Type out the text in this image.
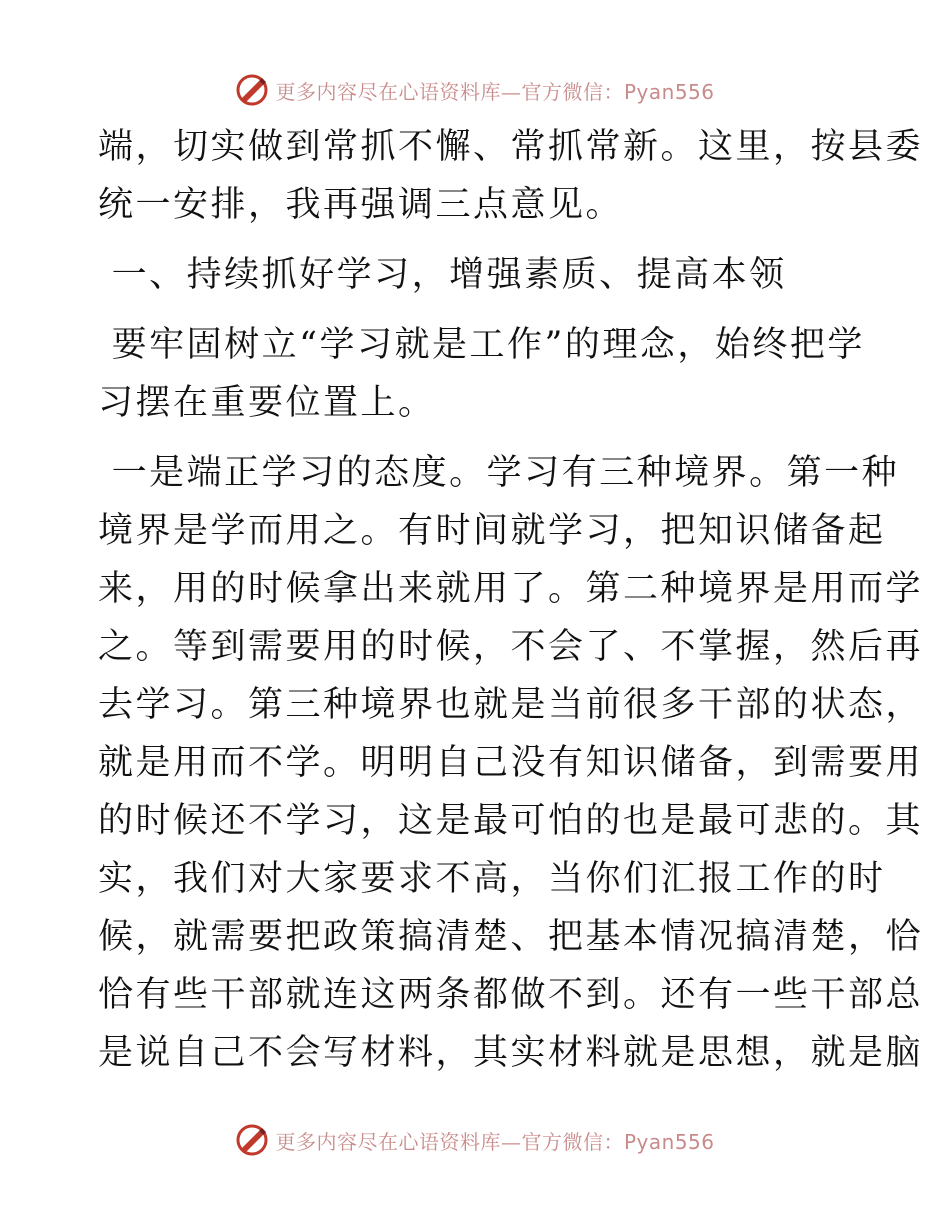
更多内容尽在心语资料库—官方微信：Pyan556
端，切实做到常抓不懈、常抓常新。这里，按县委
统一安排，我再强调三点意见。
一、持续抓好学习，增强素质、提高本领
要牢固树立“学习就是工作”的理念，始终把学
习摆在重要位置上。
一是端正学习的态度。学习有三种境界。第一种
境界是学而用之。有时间就学习，把知识储备起
来，用的时候拿出来就用了。第二种境界是用而学
之。等到需要用的时候，不会了、不掌握，然后再
去学习。第三种境界也就是当前很多干部的状态，
就是用而不学。明明自己没有知识储备，到需要用
的时候还不学习，这是最可怕的也是最可悲的。其
实，我们对大家要求不高，当你们汇报工作的时
候，就需要把政策搞清楚、把基本情况搞清楚，恰
恰有些干部就连这两条都做不到。还有一些干部总
是说自己不会写材料，其实材料就是思想，就是脑
更多内容尽在心语资料库—官方微信：Pyan556
